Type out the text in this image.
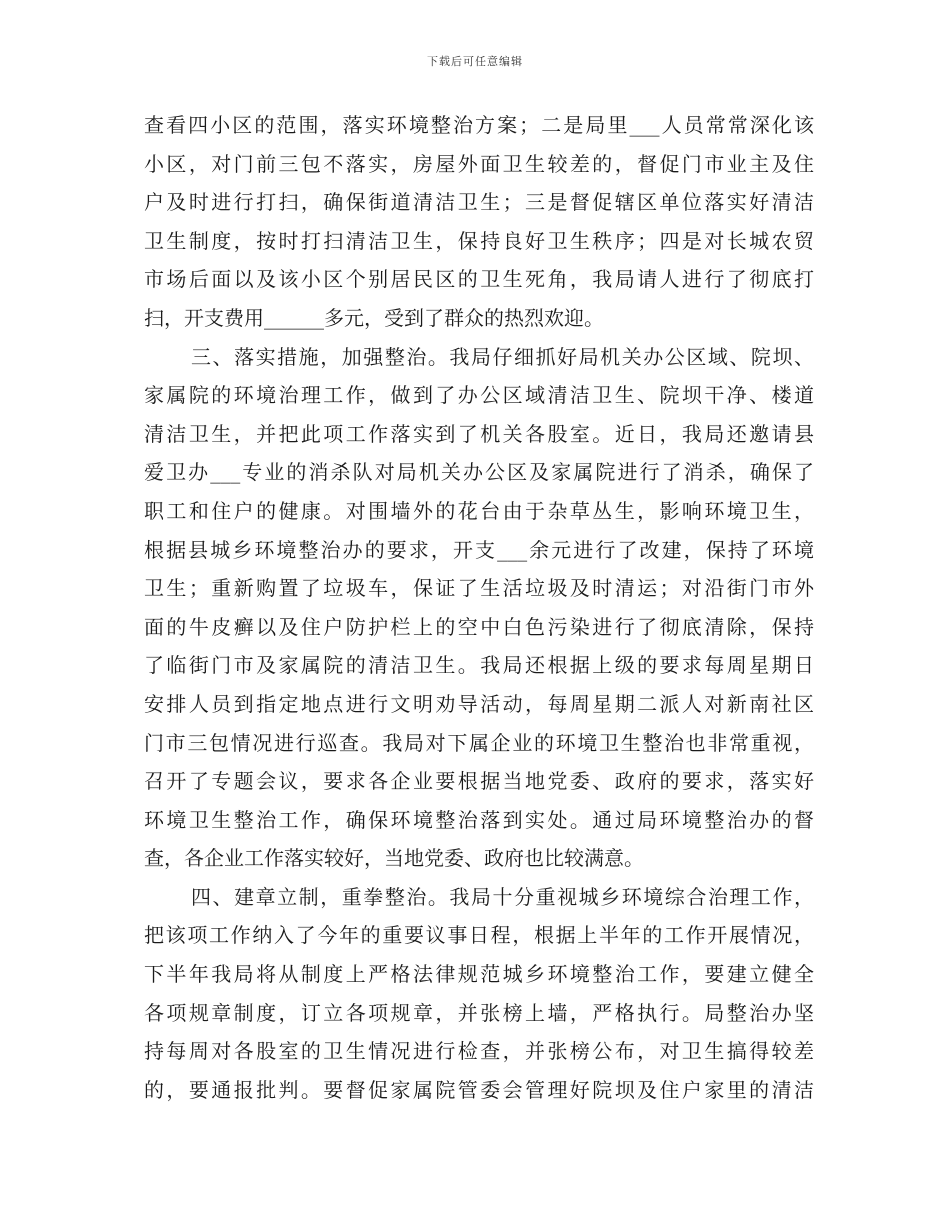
下载后可任意编辑
查看四小区的范围，落实环境整治方案；二是局里___人员常常深化该
小区，对门前三包不落实，房屋外面卫生较差的，督促门市业主及住
户及时进行打扫，确保街道清洁卫生；三是督促辖区单位落实好清洁
卫生制度，按时打扫清洁卫生，保持良好卫生秩序；四是对长城农贸
市场后面以及该小区个别居民区的卫生死角，我局请人进行了彻底打
扫，开支费用______多元，受到了群众的热烈欢迎。
三、落实措施，加强整治。我局仔细抓好局机关办公区域、院坝、
家属院的环境治理工作，做到了办公区域清洁卫生、院坝干净、楼道
清洁卫生，并把此项工作落实到了机关各股室。近日，我局还邀请县
爱卫办___专业的消杀队对局机关办公区及家属院进行了消杀，确保了
职工和住户的健康。对围墙外的花台由于杂草丛生，影响环境卫生，
根据县城乡环境整治办的要求，开支___余元进行了改建，保持了环境
卫生；重新购置了垃圾车，保证了生活垃圾及时清运；对沿街门市外
面的牛皮癣以及住户防护栏上的空中白色污染进行了彻底清除，保持
了临街门市及家属院的清洁卫生。我局还根据上级的要求每周星期日
安排人员到指定地点进行文明劝导活动，每周星期二派人对新南社区
门市三包情况进行巡查。我局对下属企业的环境卫生整治也非常重视，
召开了专题会议，要求各企业要根据当地党委、政府的要求，落实好
环境卫生整治工作，确保环境整治落到实处。通过局环境整治办的督
查，各企业工作落实较好，当地党委、政府也比较满意。
四、建章立制，重拳整治。我局十分重视城乡环境综合治理工作，
把该项工作纳入了今年的重要议事日程，根据上半年的工作开展情况，
下半年我局将从制度上严格法律规范城乡环境整治工作，要建立健全
各项规章制度，订立各项规章，并张榜上墙，严格执行。局整治办坚
持每周对各股室的卫生情况进行检查，并张榜公布，对卫生搞得较差
的，要通报批判。要督促家属院管委会管理好院坝及住户家里的清洁
